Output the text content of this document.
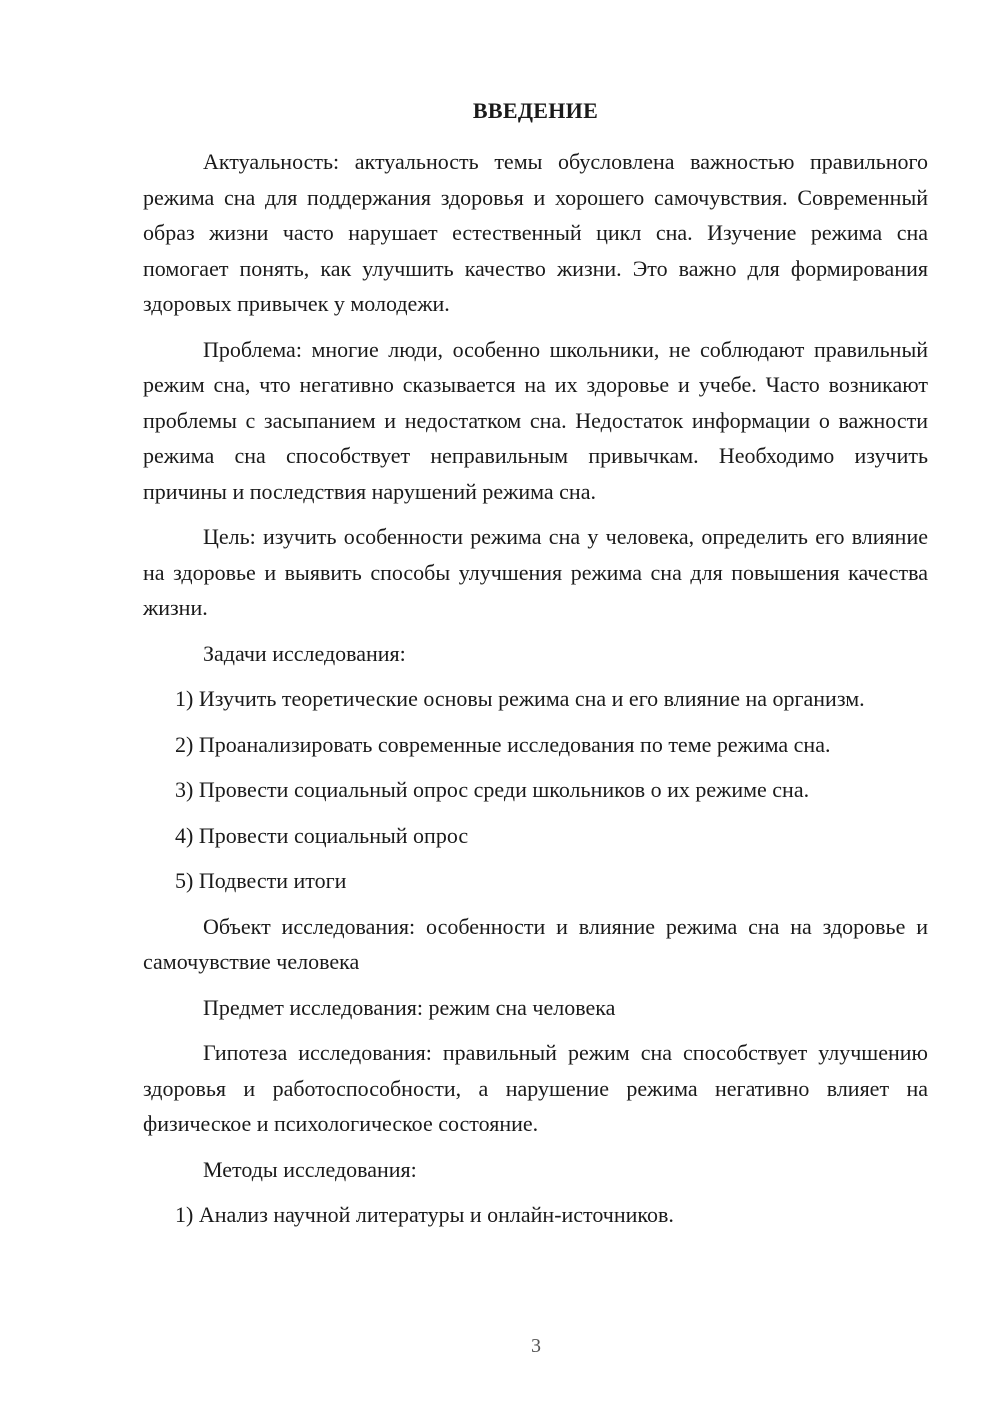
ВВЕДЕНИЕ

Актуальность: актуальность темы обусловлена важностью правильного режима сна для поддержания здоровья и хорошего самочувствия. Современный образ жизни часто нарушает естественный цикл сна. Изучение режима сна помогает понять, как улучшить качество жизни. Это важно для формирования здоровых привычек у молодежи.

Проблема: многие люди, особенно школьники, не соблюдают правильный режим сна, что негативно сказывается на их здоровье и учебе. Часто возникают проблемы с засыпанием и недостатком сна. Недостаток информации о важности режима сна способствует неправильным привычкам. Необходимо изучить причины и последствия нарушений режима сна.

Цель: изучить особенности режима сна у человека, определить его влияние на здоровье и выявить способы улучшения режима сна для повышения качества жизни.

Задачи исследования:

1) Изучить теоретические основы режима сна и его влияние на организм.

2) Проанализировать современные исследования по теме режима сна.

3) Провести социальный опрос среди школьников о их режиме сна.

4) Провести социальный опрос

5) Подвести итоги

Объект исследования: особенности и влияние режима сна на здоровье и самочувствие человека

Предмет исследования: режим сна человека

Гипотеза исследования: правильный режим сна способствует улучшению здоровья и работоспособности, а нарушение режима негативно влияет на физическое и психологическое состояние.

Методы исследования:

1) Анализ научной литературы и онлайн-источников.

3
